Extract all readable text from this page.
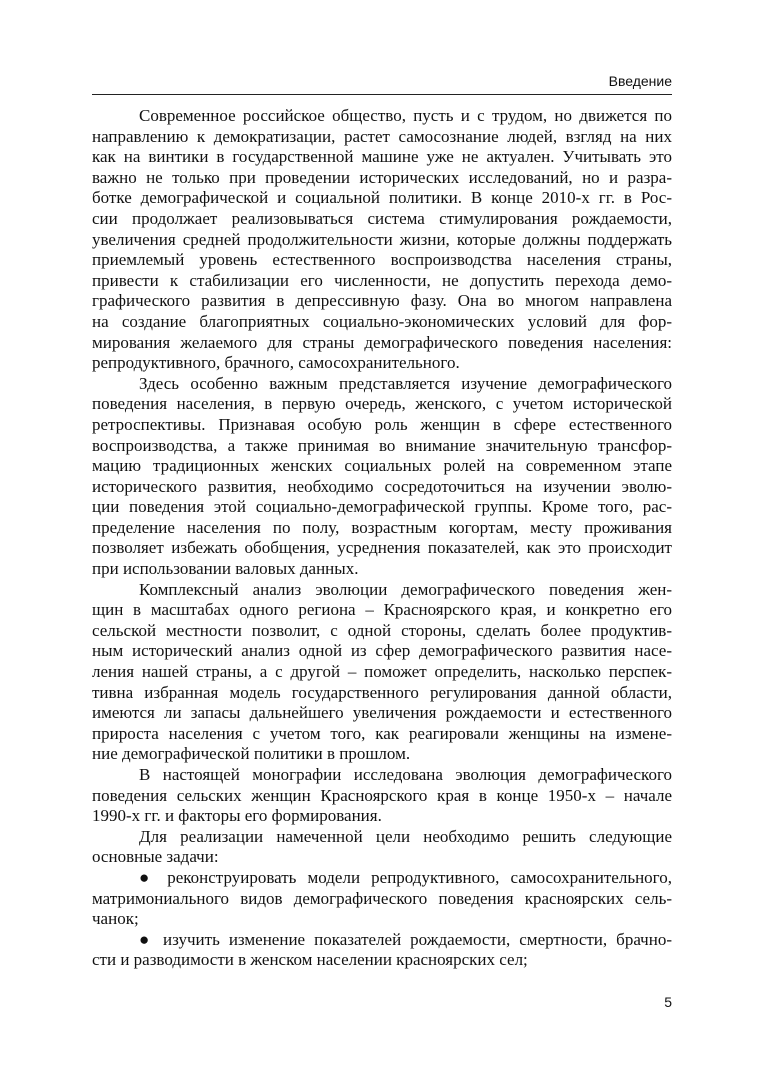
Введение
Современное российское общество, пусть и с трудом, но движется по
направлению к демократизации, растет самосознание людей, взгляд на них
как на винтики в государственной машине уже не актуален. Учитывать это
важно не только при проведении исторических исследований, но и разра-
ботке демографической и социальной политики. В конце 2010-х гг. в Рос-
сии продолжает реализовываться система стимулирования рождаемости,
увеличения средней продолжительности жизни, которые должны поддержать
приемлемый уровень естественного воспроизводства населения страны,
привести к стабилизации его численности, не допустить перехода демо-
графического развития в депрессивную фазу. Она во многом направлена
на создание благоприятных социально-экономических условий для фор-
мирования желаемого для страны демографического поведения населения:
репродуктивного, брачного, самосохранительного.
Здесь особенно важным представляется изучение демографического
поведения населения, в первую очередь, женского, с учетом исторической
ретроспективы. Признавая особую роль женщин в сфере естественного
воспроизводства, а также принимая во внимание значительную трансфор-
мацию традиционных женских социальных ролей на современном этапе
исторического развития, необходимо сосредоточиться на изучении эволю-
ции поведения этой социально-демографической группы. Кроме того, рас-
пределение населения по полу, возрастным когортам, месту проживания
позволяет избежать обобщения, усреднения показателей, как это происходит
при использовании валовых данных.
Комплексный анализ эволюции демографического поведения жен-
щин в масштабах одного региона – Красноярского края, и конкретно его
сельской местности позволит, с одной стороны, сделать более продуктив-
ным исторический анализ одной из сфер демографического развития насе-
ления нашей страны, а с другой – поможет определить, насколько перспек-
тивна избранная модель государственного регулирования данной области,
имеются ли запасы дальнейшего увеличения рождаемости и естественного
прироста населения с учетом того, как реагировали женщины на измене-
ние демографической политики в прошлом.
В настоящей монографии исследована эволюция демографического
поведения сельских женщин Красноярского края в конце 1950-х – начале
1990-х гг. и факторы его формирования.
Для реализации намеченной цели необходимо решить следующие
основные задачи:
● реконструировать модели репродуктивного, самосохранительного,
матримониального видов демографического поведения красноярских сель-
чанок;
● изучить изменение показателей рождаемости, смертности, брачно-
сти и разводимости в женском населении красноярских сел;
5
